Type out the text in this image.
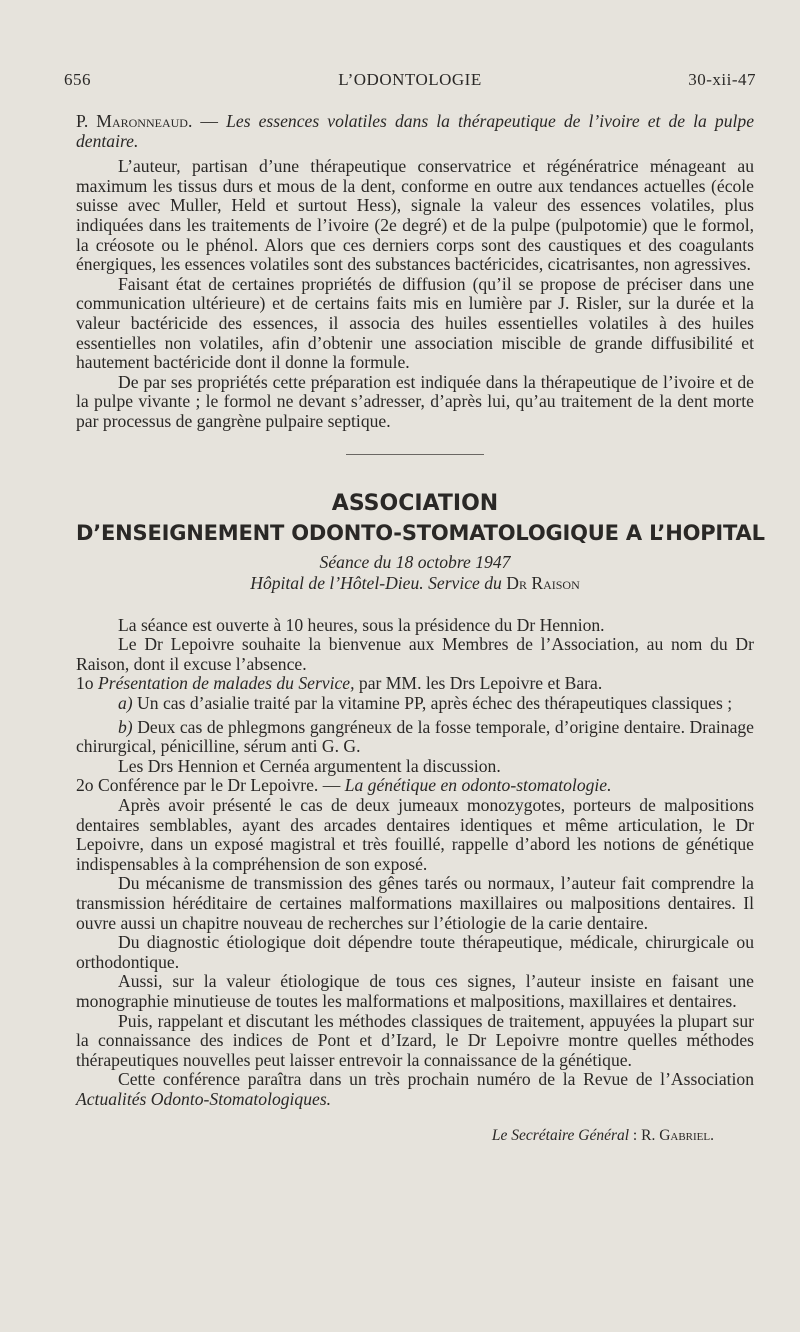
656	L’ODONTOLOGIE	30-xii-47

P. Maronneaud. — Les essences volatiles dans la thérapeutique de l’ivoire et de la pulpe dentaire.

L’auteur, partisan d’une thérapeutique conservatrice et régénératrice ménageant au maximum les tissus durs et mous de la dent, conforme en outre aux tendances actuelles (école suisse avec Muller, Held et surtout Hess), signale la valeur des essences volatiles, plus indiquées dans les traitements de l’ivoire (2e degré) et de la pulpe (pulpotomie) que le formol, la créosote ou le phénol. Alors que ces derniers corps sont des caustiques et des coagulants énergiques, les essences volatiles sont des substances bactéricides, cicatrisantes, non agressives.

Faisant état de certaines propriétés de diffusion (qu’il se propose de préciser dans une communication ultérieure) et de certains faits mis en lumière par J. Risler, sur la durée et la valeur bactéricide des essences, il associa des huiles essentielles volatiles à des huiles essentielles non volatiles, afin d’obtenir une association miscible de grande diffusibilité et hautement bactéricide dont il donne la formule.

De par ses propriétés cette préparation est indiquée dans la thérapeutique de l’ivoire et de la pulpe vivante ; le formol ne devant s’adresser, d’après lui, qu’au traitement de la dent morte par processus de gangrène pulpaire septique.

ASSOCIATION
D’ENSEIGNEMENT ODONTO-STOMATOLOGIQUE A L’HOPITAL
Séance du 18 octobre 1947
Hôpital de l’Hôtel-Dieu. Service du Dr Raison

La séance est ouverte à 10 heures, sous la présidence du Dr Hennion.

Le Dr Lepoivre souhaite la bienvenue aux Membres de l’Association, au nom du Dr Raison, dont il excuse l’absence.

1o Présentation de malades du Service, par MM. les Drs Lepoivre et Bara.

a) Un cas d’asialie traité par la vitamine PP, après échec des thérapeutiques classiques ;

b) Deux cas de phlegmons gangréneux de la fosse temporale, d’origine dentaire. Drainage chirurgical, pénicilline, sérum anti G. G.

Les Drs Hennion et Cernéa argumentent la discussion.

2o Conférence par le Dr Lepoivre. — La génétique en odonto-stomatologie.

Après avoir présenté le cas de deux jumeaux monozygotes, porteurs de malpositions dentaires semblables, ayant des arcades dentaires identiques et même articulation, le Dr Lepoivre, dans un exposé magistral et très fouillé, rappelle d’abord les notions de génétique indispensables à la compréhension de son exposé.

Du mécanisme de transmission des gênes tarés ou normaux, l’auteur fait comprendre la transmission héréditaire de certaines malformations maxillaires ou malpositions dentaires. Il ouvre aussi un chapitre nouveau de recherches sur l’étiologie de la carie dentaire.

Du diagnostic étiologique doit dépendre toute thérapeutique, médicale, chirurgicale ou orthodontique.

Aussi, sur la valeur étiologique de tous ces signes, l’auteur insiste en faisant une monographie minutieuse de toutes les malformations et malpositions, maxillaires et dentaires.

Puis, rappelant et discutant les méthodes classiques de traitement, appuyées la plupart sur la connaissance des indices de Pont et d’Izard, le Dr Lepoivre montre quelles méthodes thérapeutiques nouvelles peut laisser entrevoir la connaissance de la génétique.

Cette conférence paraîtra dans un très prochain numéro de la Revue de l’Association Actualités Odonto-Stomatologiques.

Le Secrétaire Général : R. Gabriel.
